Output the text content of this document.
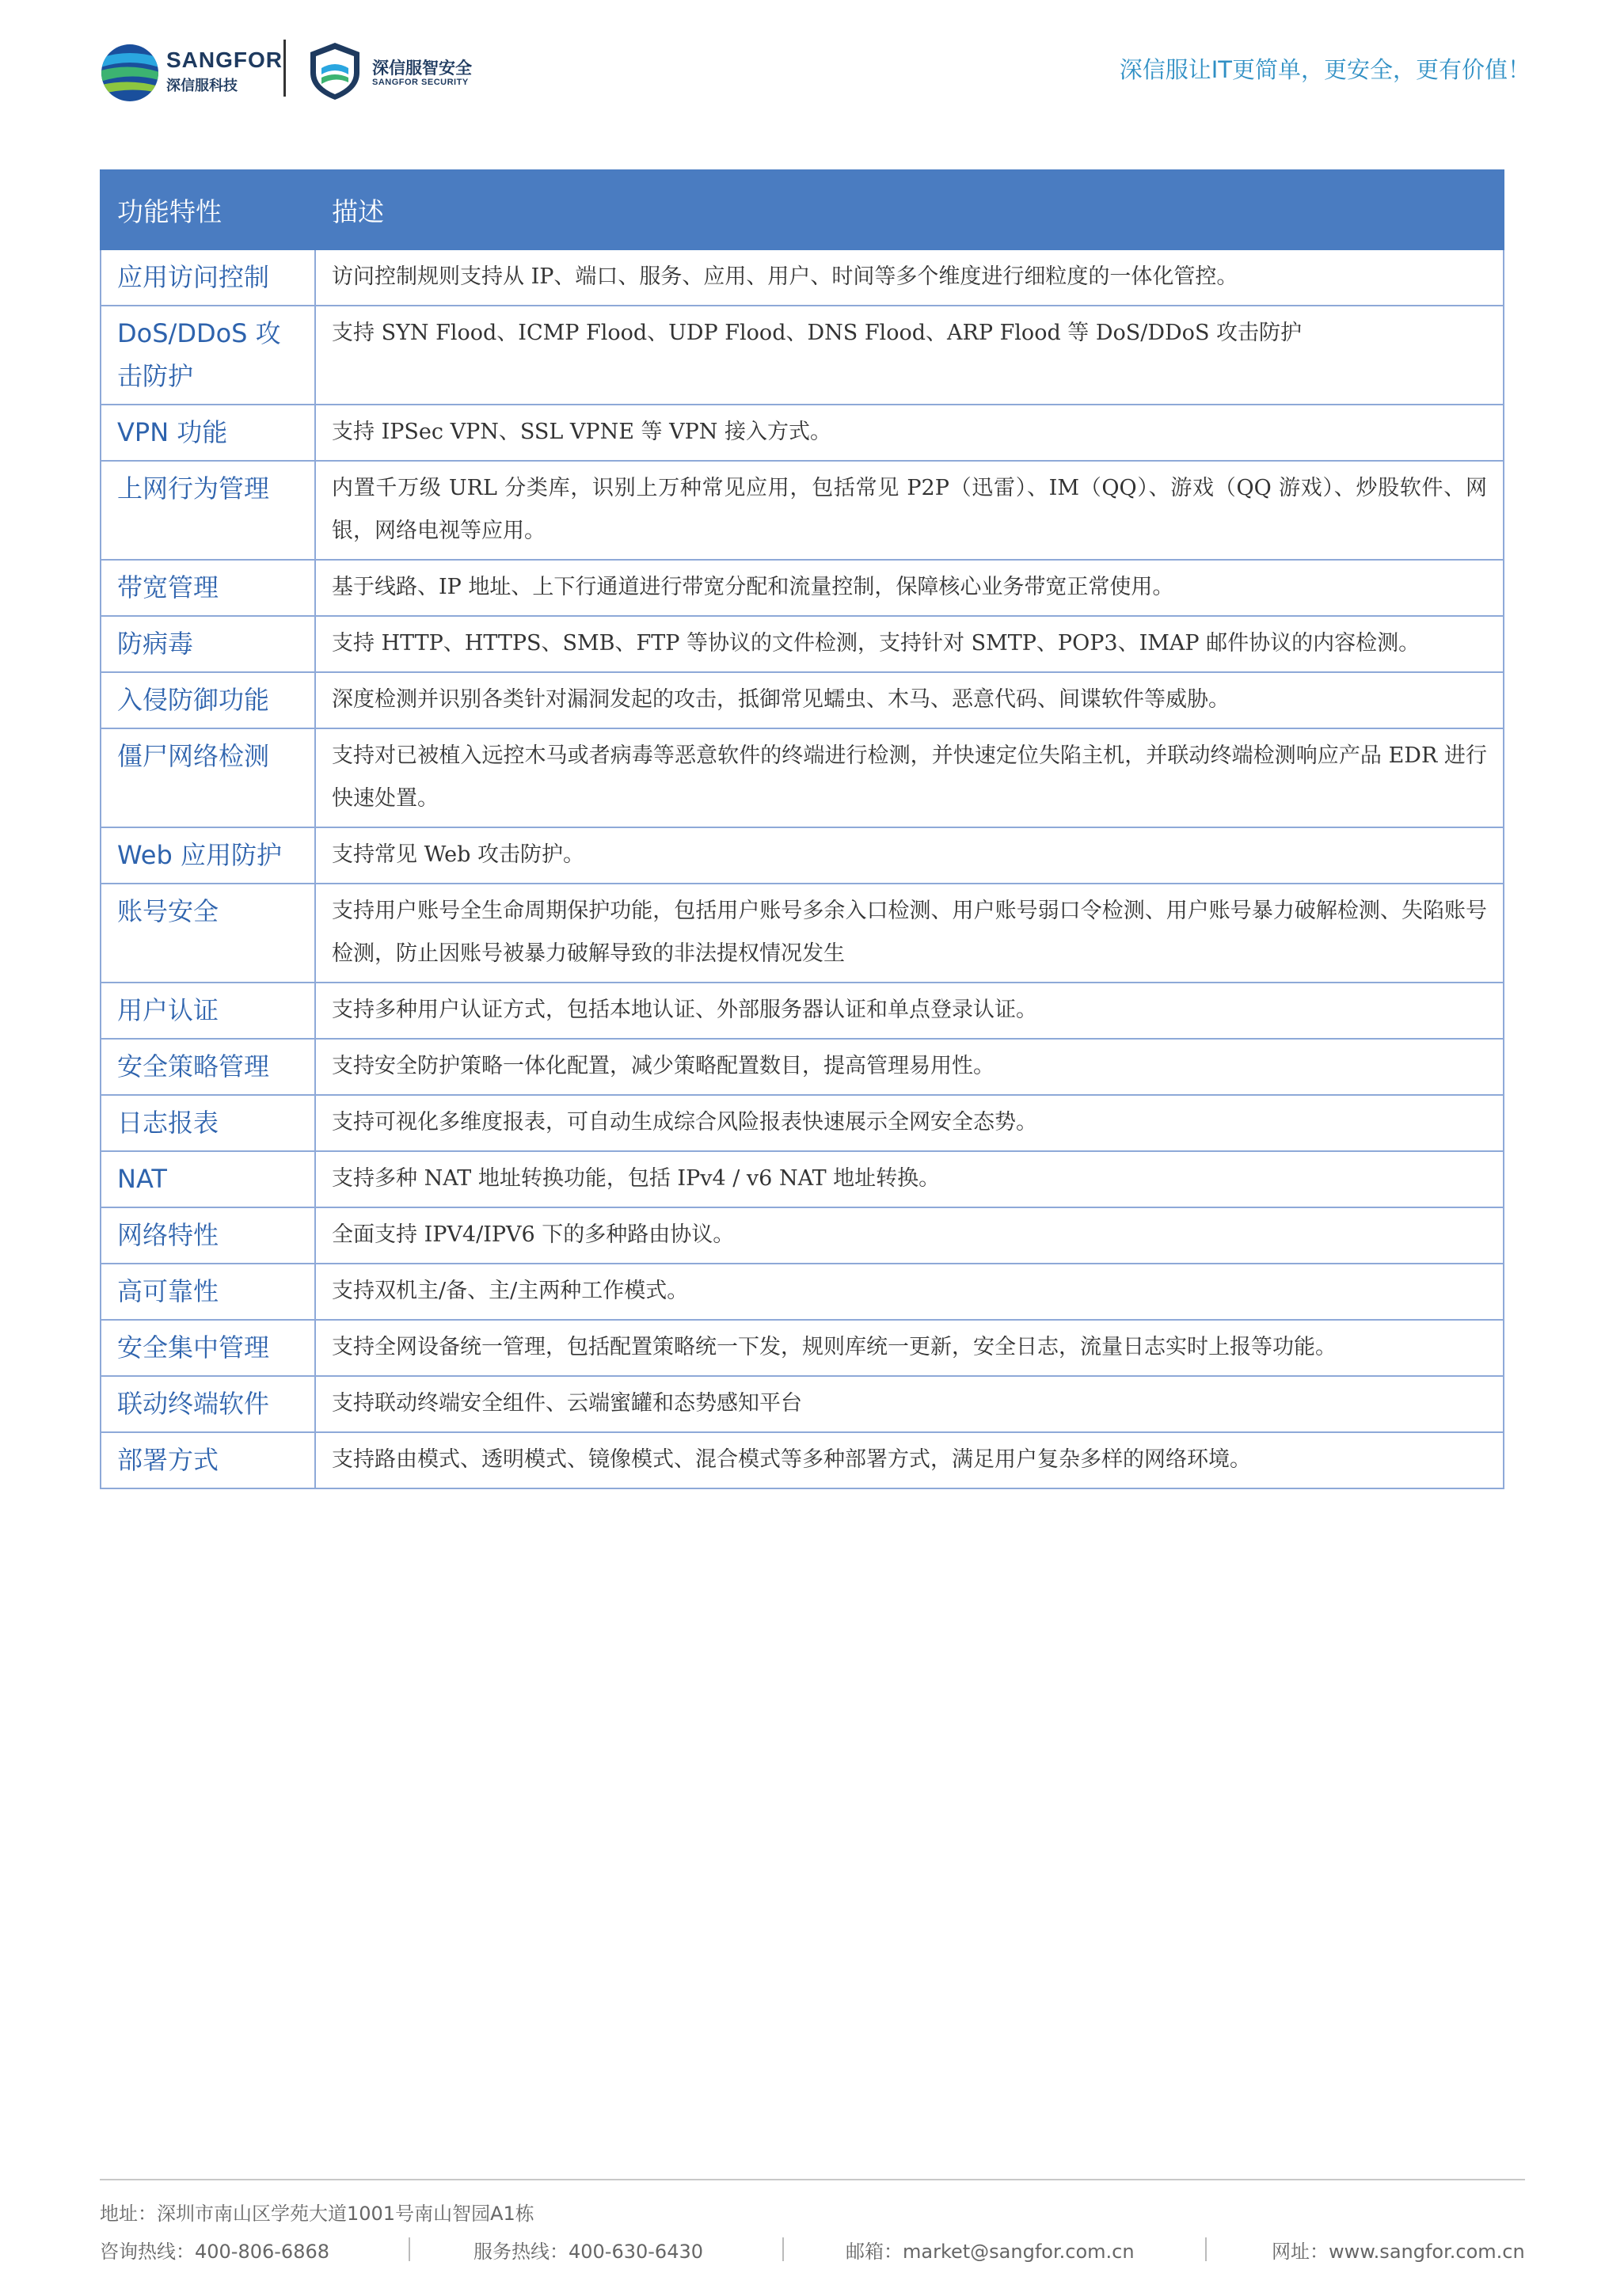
SANGFOR
深信服科技
深信服智安全
SANGFOR SECURITY	深信服让IT更简单，更安全，更有价值！
功能特性	描述
应用访问控制	访问控制规则支持从 IP、端口、服务、应用、用户、时间等多个维度进行细粒度的一体化管控。
DoS/DDoS 攻击防护	支持 SYN Flood、ICMP Flood、UDP Flood、DNS Flood、ARP Flood 等 DoS/DDoS 攻击防护
VPN 功能	支持 IPSec VPN、SSL VPNE 等 VPN 接入方式。
上网行为管理	内置千万级 URL 分类库，识别上万种常见应用，包括常见 P2P（迅雷）、IM（QQ）、游戏（QQ 游戏）、炒股软件、网银，网络电视等应用。
带宽管理	基于线路、IP 地址、上下行通道进行带宽分配和流量控制，保障核心业务带宽正常使用。
防病毒	支持 HTTP、HTTPS、SMB、FTP 等协议的文件检测，支持针对 SMTP、POP3、IMAP 邮件协议的内容检测。
入侵防御功能	深度检测并识别各类针对漏洞发起的攻击，抵御常见蠕虫、木马、恶意代码、间谍软件等威胁。
僵尸网络检测	支持对已被植入远控木马或者病毒等恶意软件的终端进行检测，并快速定位失陷主机，并联动终端检测响应产品 EDR 进行快速处置。
Web 应用防护	支持常见 Web 攻击防护。
账号安全	支持用户账号全生命周期保护功能，包括用户账号多余入口检测、用户账号弱口令检测、用户账号暴力破解检测、失陷账号检测，防止因账号被暴力破解导致的非法提权情况发生
用户认证	支持多种用户认证方式，包括本地认证、外部服务器认证和单点登录认证。
安全策略管理	支持安全防护策略一体化配置，减少策略配置数目，提高管理易用性。
日志报表	支持可视化多维度报表，可自动生成综合风险报表快速展示全网安全态势。
NAT	支持多种 NAT 地址转换功能，包括 IPv4 / v6 NAT 地址转换。
网络特性	全面支持 IPV4/IPV6 下的多种路由协议。
高可靠性	支持双机主/备、主/主两种工作模式。
安全集中管理	支持全网设备统一管理，包括配置策略统一下发，规则库统一更新，安全日志，流量日志实时上报等功能。
联动终端软件	支持联动终端安全组件、云端蜜罐和态势感知平台
部署方式	支持路由模式、透明模式、镜像模式、混合模式等多种部署方式，满足用户复杂多样的网络环境。
地址：深圳市南山区学苑大道1001号南山智园A1栋
咨询热线：400-806-6868	服务热线：400-630-6430	邮箱：market@sangfor.com.cn	网址：www.sangfor.com.cn
